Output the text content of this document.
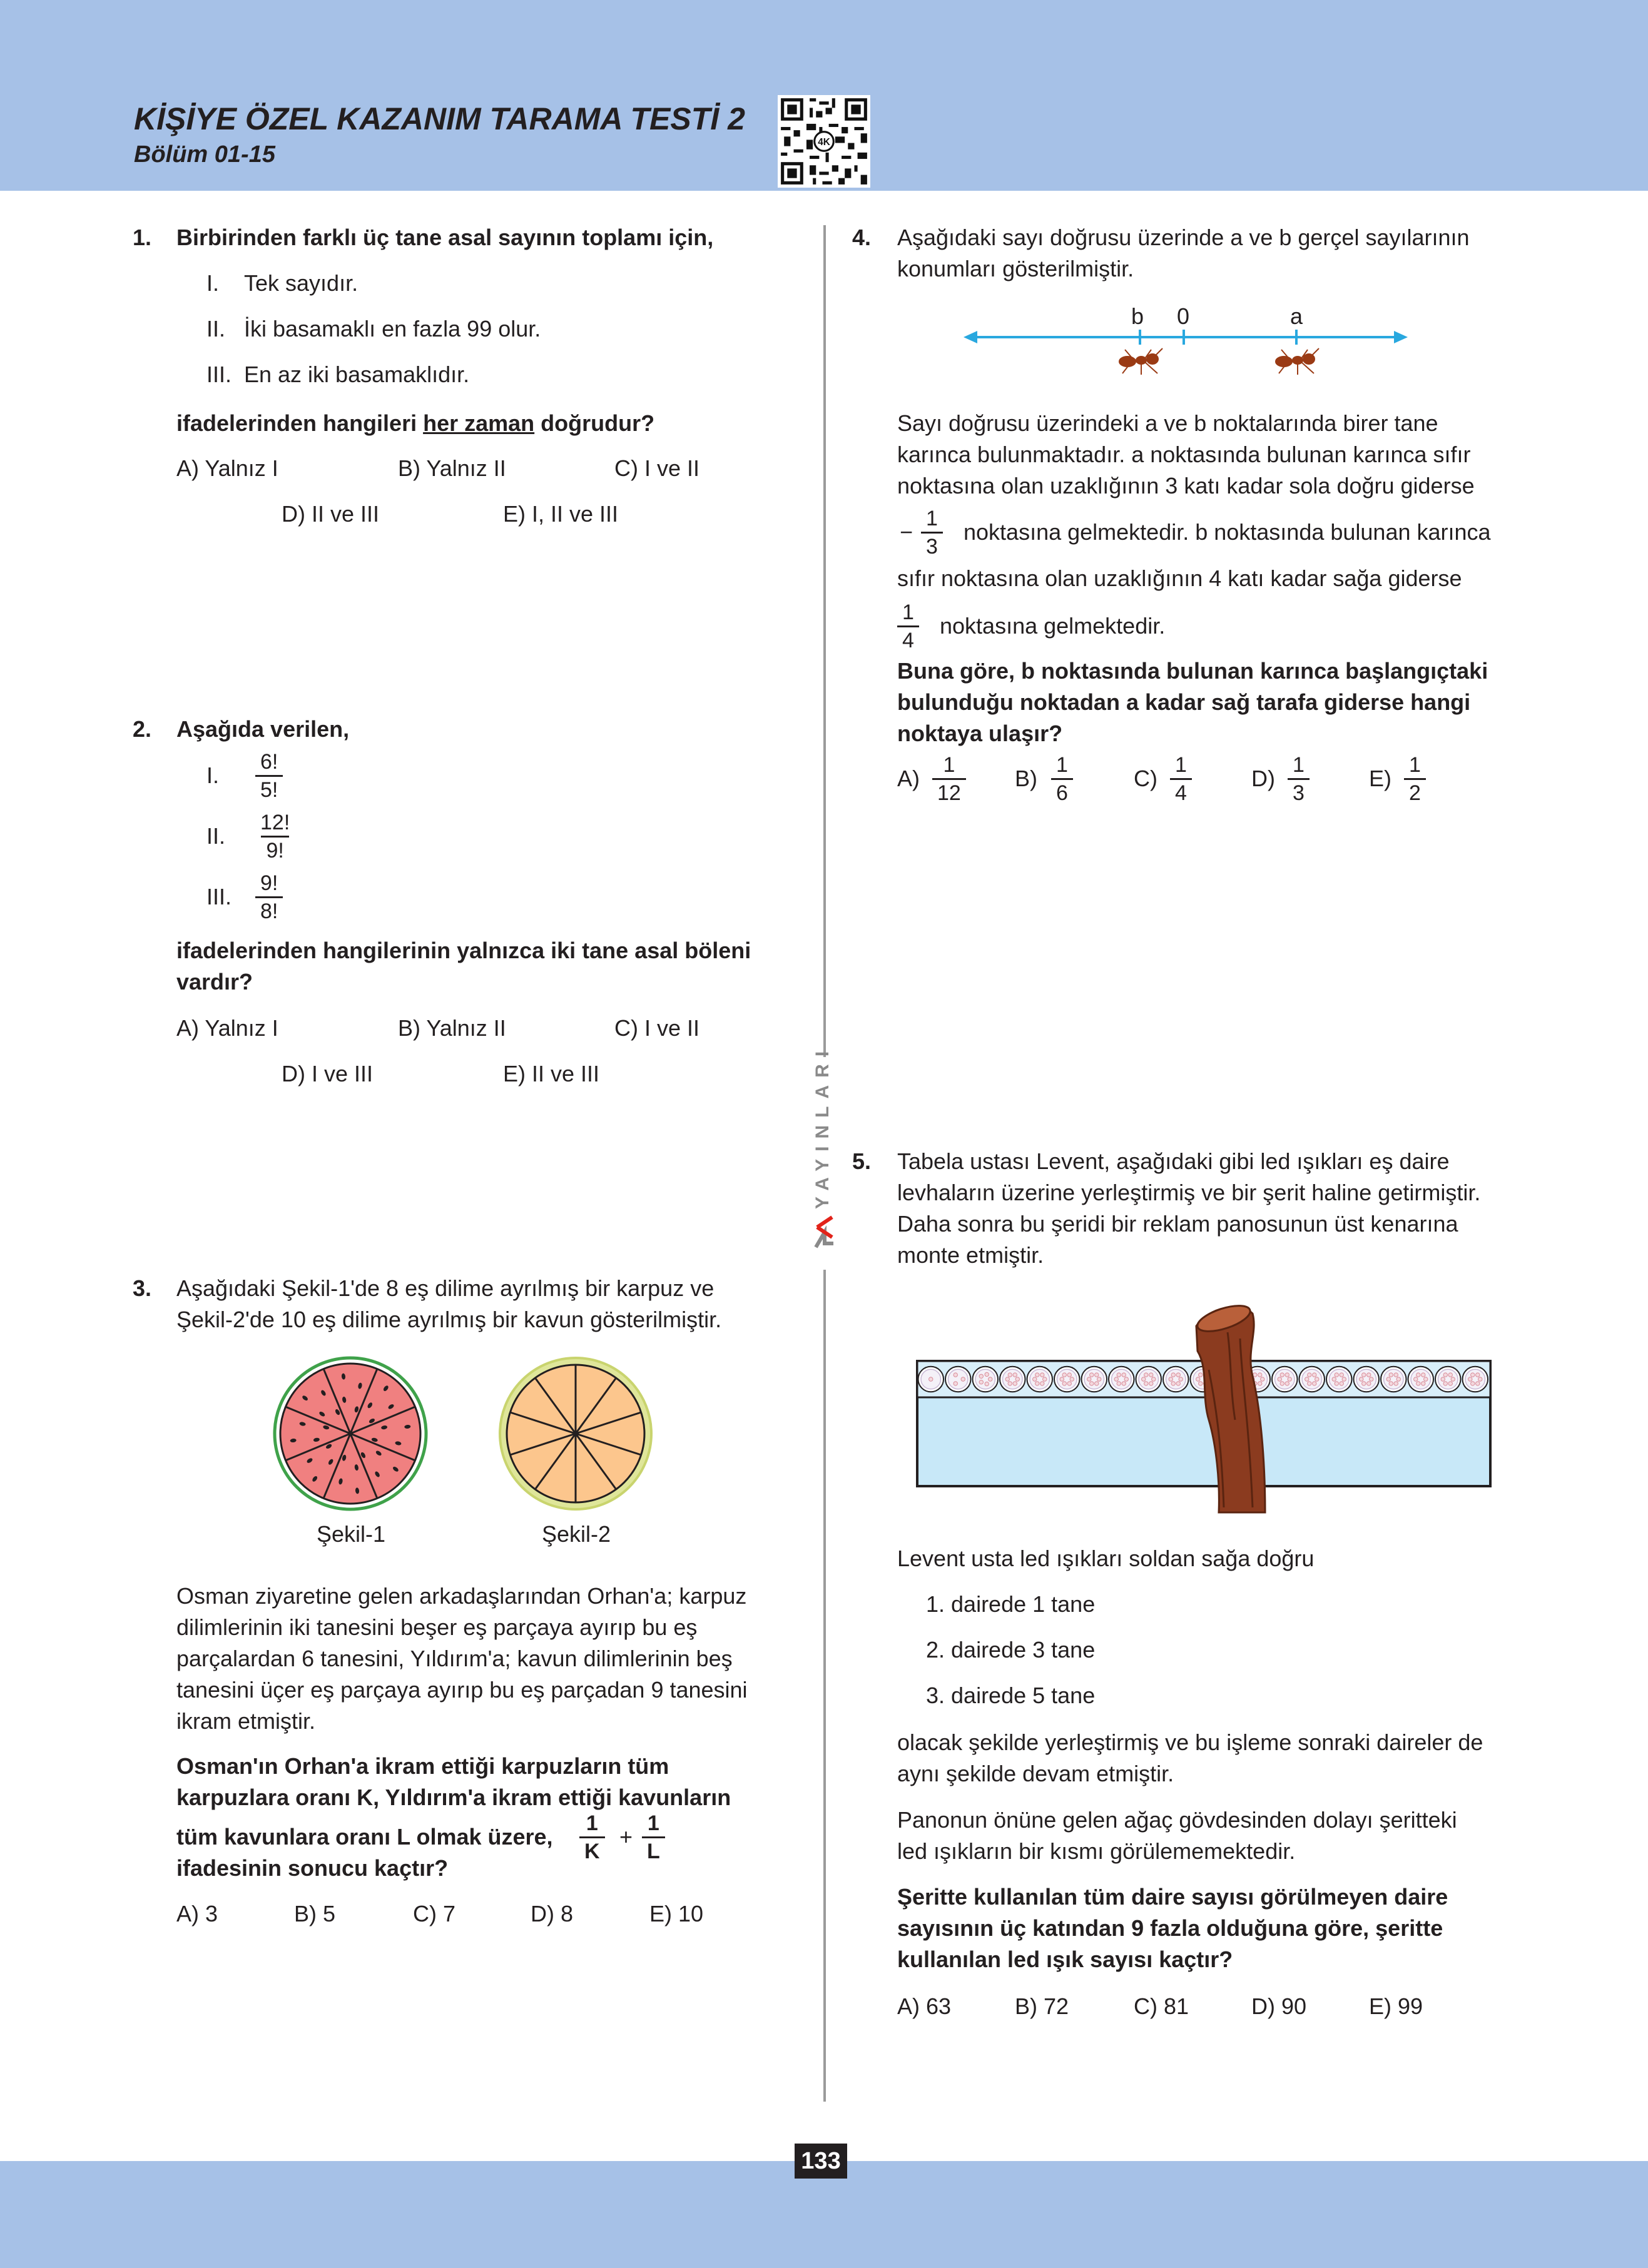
KİŞİYE ÖZEL KAZANIM TARAMA TESTİ 2
Bölüm 01-15	4K
YAYINLARI
1. Birbirinden farklı üç tane asal sayının toplamı için,
I. Tek sayıdır.
II. İki basamaklı en fazla 99 olur.
III. En az iki basamaklıdır.
ifadelerinden hangileri her zaman doğrudur?
A) Yalnız I	B) Yalnız II	C) I ve II
D) II ve III	E) I, II ve III
2. Aşağıda verilen,
I. $\frac{6!}{5!}$
II. $\frac{12!}{9!}$
III. $\frac{9!}{8!}$
ifadelerinden hangilerinin yalnızca iki tane asal böleni
vardır?
A) Yalnız I	B) Yalnız II	C) I ve II
D) I ve III	E) II ve III
3. Aşağıdaki Şekil-1'de 8 eş dilime ayrılmış bir karpuz ve
Şekil-2'de 10 eş dilime ayrılmış bir kavun gösterilmiştir.
Şekil-1	Şekil-2
Osman ziyaretine gelen arkadaşlarından Orhan'a; karpuz
dilimlerinin iki tanesini beşer eş parçaya ayırıp bu eş
parçalardan 6 tanesini, Yıldırım'a; kavun dilimlerinin beş
tanesini üçer eş parçaya ayırıp bu eş parçadan 9 tanesini
ikram etmiştir.
Osman'ın Orhan'a ikram ettiği karpuzların tüm
karpuzlara oranı K, Yıldırım'a ikram ettiği kavunların
tüm kavunlara oranı L olmak üzere, $\frac{1}{K} + \frac{1}{L}$
ifadesinin sonucu kaçtır?
A) 3	B) 5	C) 7	D) 8	E) 10
4. Aşağıdaki sayı doğrusu üzerinde a ve b gerçel sayılarının
konumları gösterilmiştir.
b 0	a
Sayı doğrusu üzerindeki a ve b noktalarında birer tane
karınca bulunmaktadır. a noktasında bulunan karınca sıfır
noktasına olan uzaklığının 3 katı kadar sola doğru giderse
− $\frac{1}{3}$ noktasına gelmektedir. b noktasında bulunan karınca
sıfır noktasına olan uzaklığının 4 katı kadar sağa giderse
$\frac{1}{4}$ noktasına gelmektedir.
Buna göre, b noktasında bulunan karınca başlangıçtaki
bulunduğu noktadan a kadar sağ tarafa giderse hangi
noktaya ulaşır?
$A) \frac{1}{12} B) \frac{1}{6}$	$C) \frac{1}{4}$	$D) \frac{1}{3}$	$E) \frac{1}{2}$
5. Tabela ustası Levent, aşağıdaki gibi led ışıkları eş daire
levhaların üzerine yerleştirmiş ve bir şerit haline getirmiştir.
Daha sonra bu şeridi bir reklam panosunun üst kenarına
monte etmiştir.
Levent usta led ışıkları soldan sağa doğru
1. dairede 1 tane
2. dairede 3 tane
3. dairede 5 tane
olacak şekilde yerleştirmiş ve bu işleme sonraki daireler de
aynı şekilde devam etmiştir.
Panonun önüne gelen ağaç gövdesinden dolayı şeritteki
led ışıkların bir kısmı görülememektedir.
Şeritte kullanılan tüm daire sayısı görülmeyen daire
sayısının üç katından 9 fazla olduğuna göre, şeritte
kullanılan led ışık sayısı kaçtır?
A) 63	B) 72	C) 81	D) 90	E) 99
133
